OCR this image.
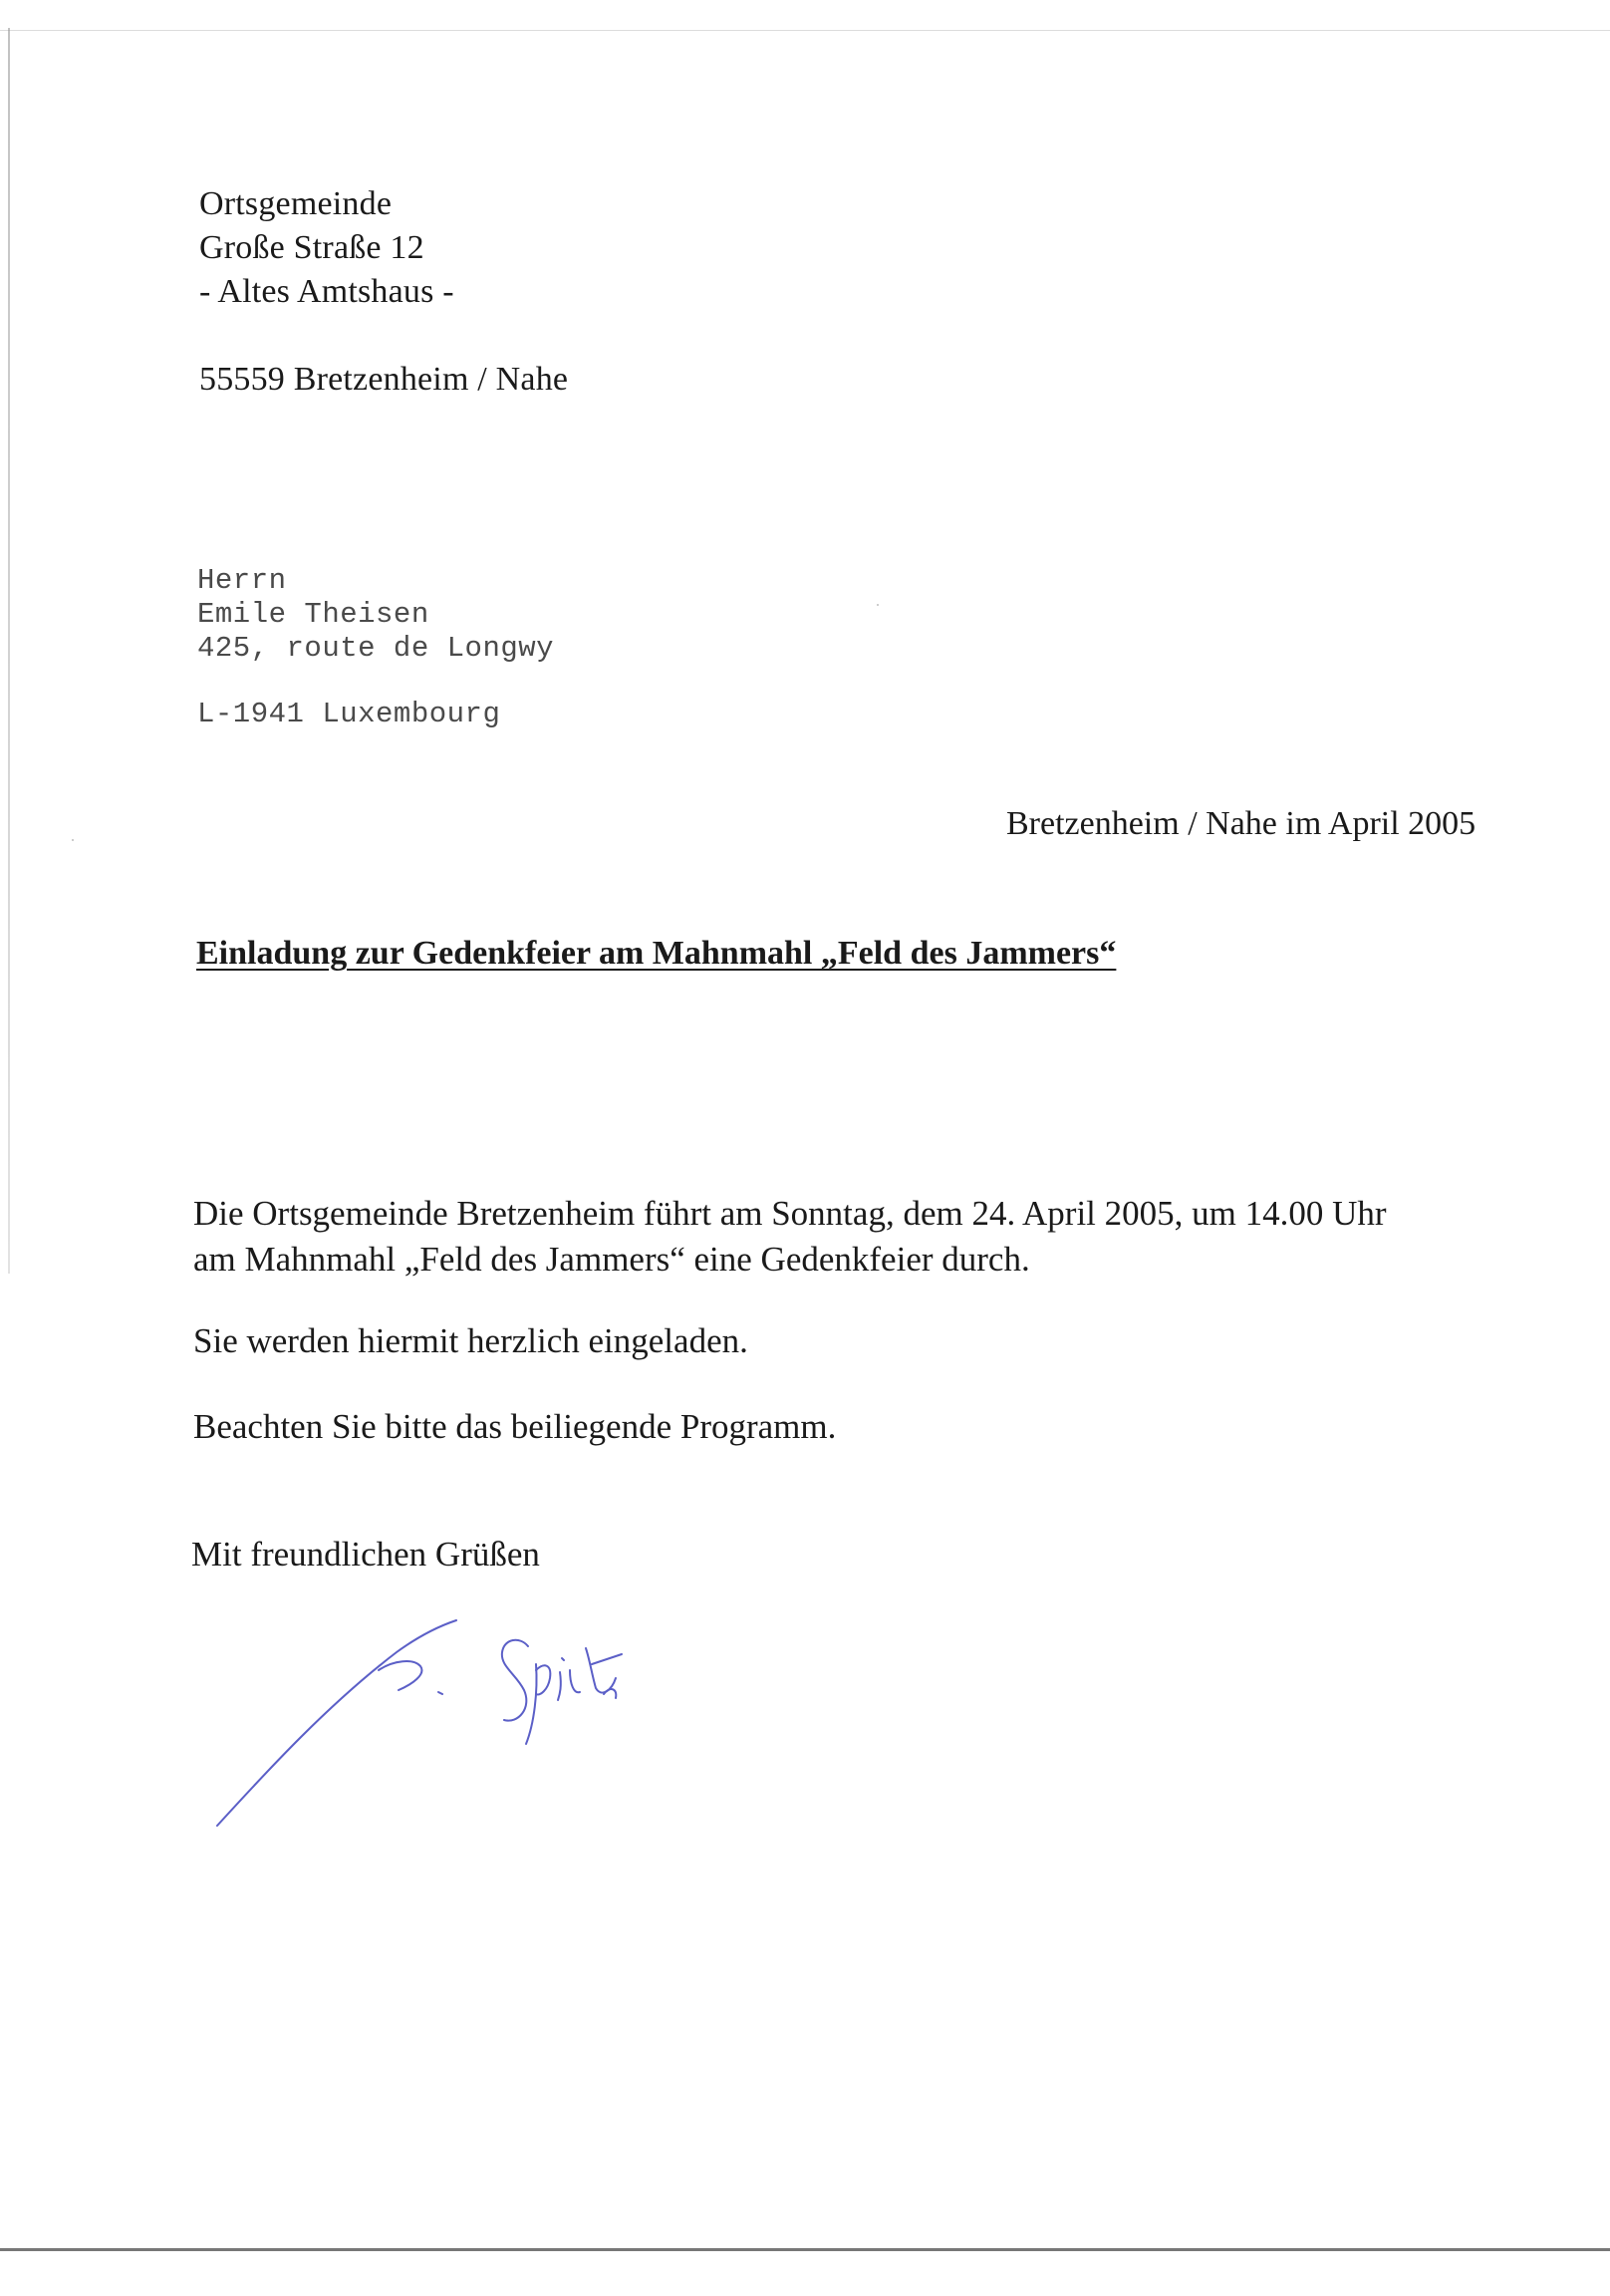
Ortsgemeinde
Große Straße 12
- Altes Amtshaus -
55559 Bretzenheim / Nahe
Herrn
Emile Theisen
425, route de Longwy
L-1941 Luxembourg
Bretzenheim / Nahe im April 2005
Einladung zur Gedenkfeier am Mahnmahl „Feld des Jammers“
Die Ortsgemeinde Bretzenheim führt am Sonntag, dem 24. April 2005, um 14.00 Uhr
am Mahnmahl „Feld des Jammers“ eine Gedenkfeier durch.
Sie werden hiermit herzlich eingeladen.
Beachten Sie bitte das beiliegende Programm.
Mit freundlichen Grüßen
